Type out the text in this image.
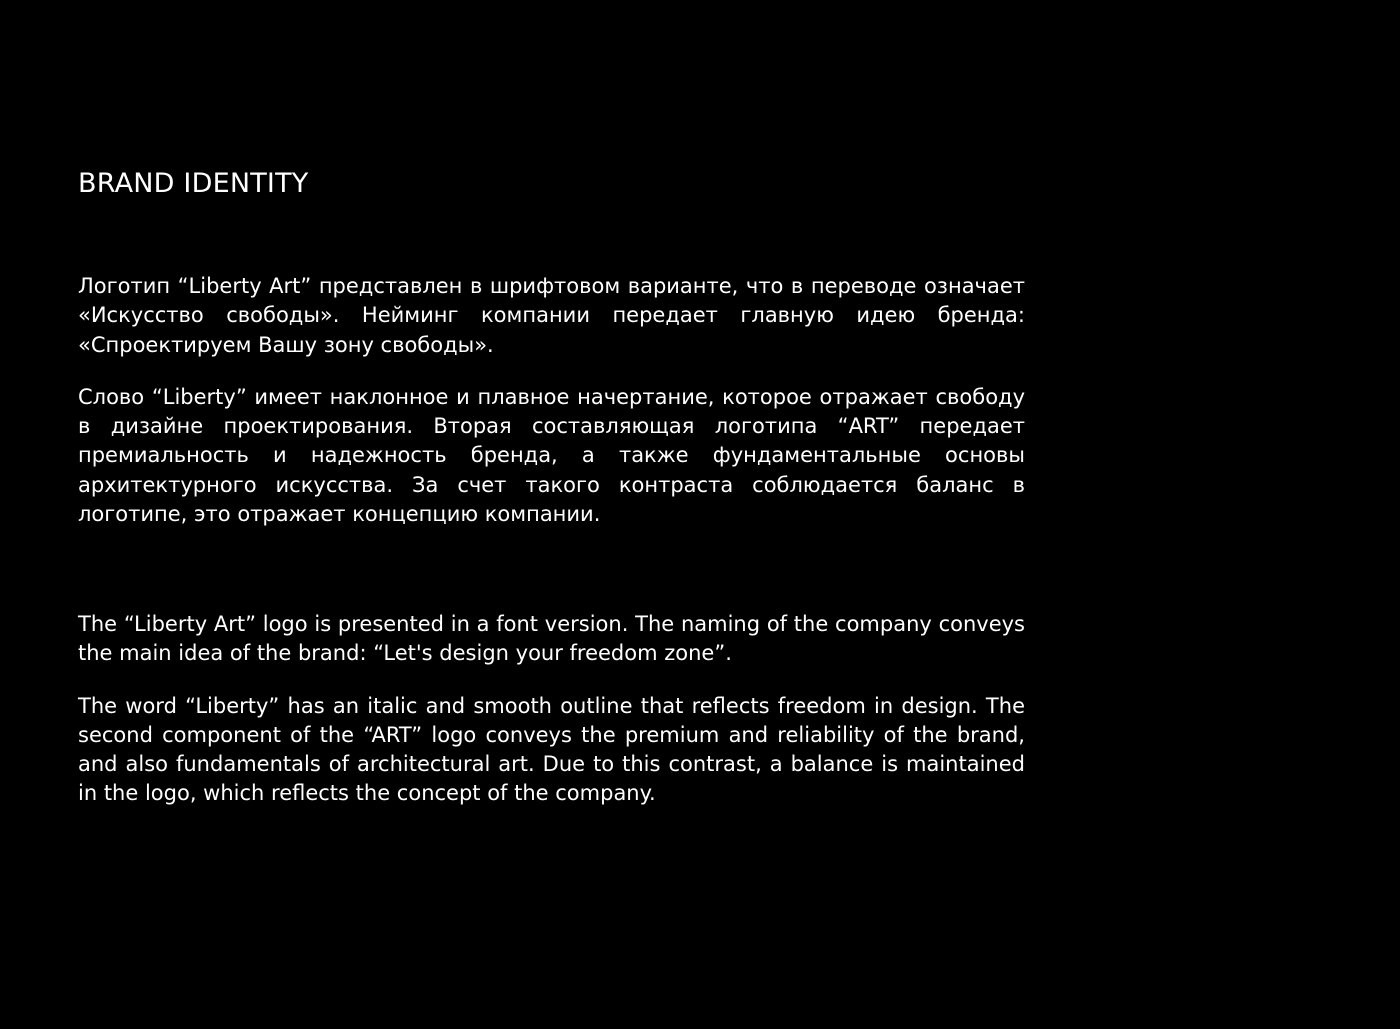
BRAND IDENTITY

Логотип “Liberty Art” представлен в шрифтовом варианте, что в переводе означает «Искусство свободы». Нейминг компании передает главную идею бренда: «Спроектируем Вашу зону свободы».

Слово “Liberty” имеет наклонное и плавное начертание, которое отражает свободу в дизайне проектирования. Вторая составляющая логотипа “ART” передает премиальность и надежность бренда, а также фундаментальные основы архитектурного искусства. За счет такого контраста соблюдается баланс в логотипе, это отражает концепцию компании.

The “Liberty Art” logo is presented in a font version. The naming of the company conveys the main idea of the brand: “Let's design your freedom zone”.

The word “Liberty” has an italic and smooth outline that reflects freedom in design. The second component of the “ART” logo conveys the premium and reliability of the brand, and also fundamentals of architectural art. Due to this contrast, a balance is maintained in the logo, which reflects the concept of the company.
